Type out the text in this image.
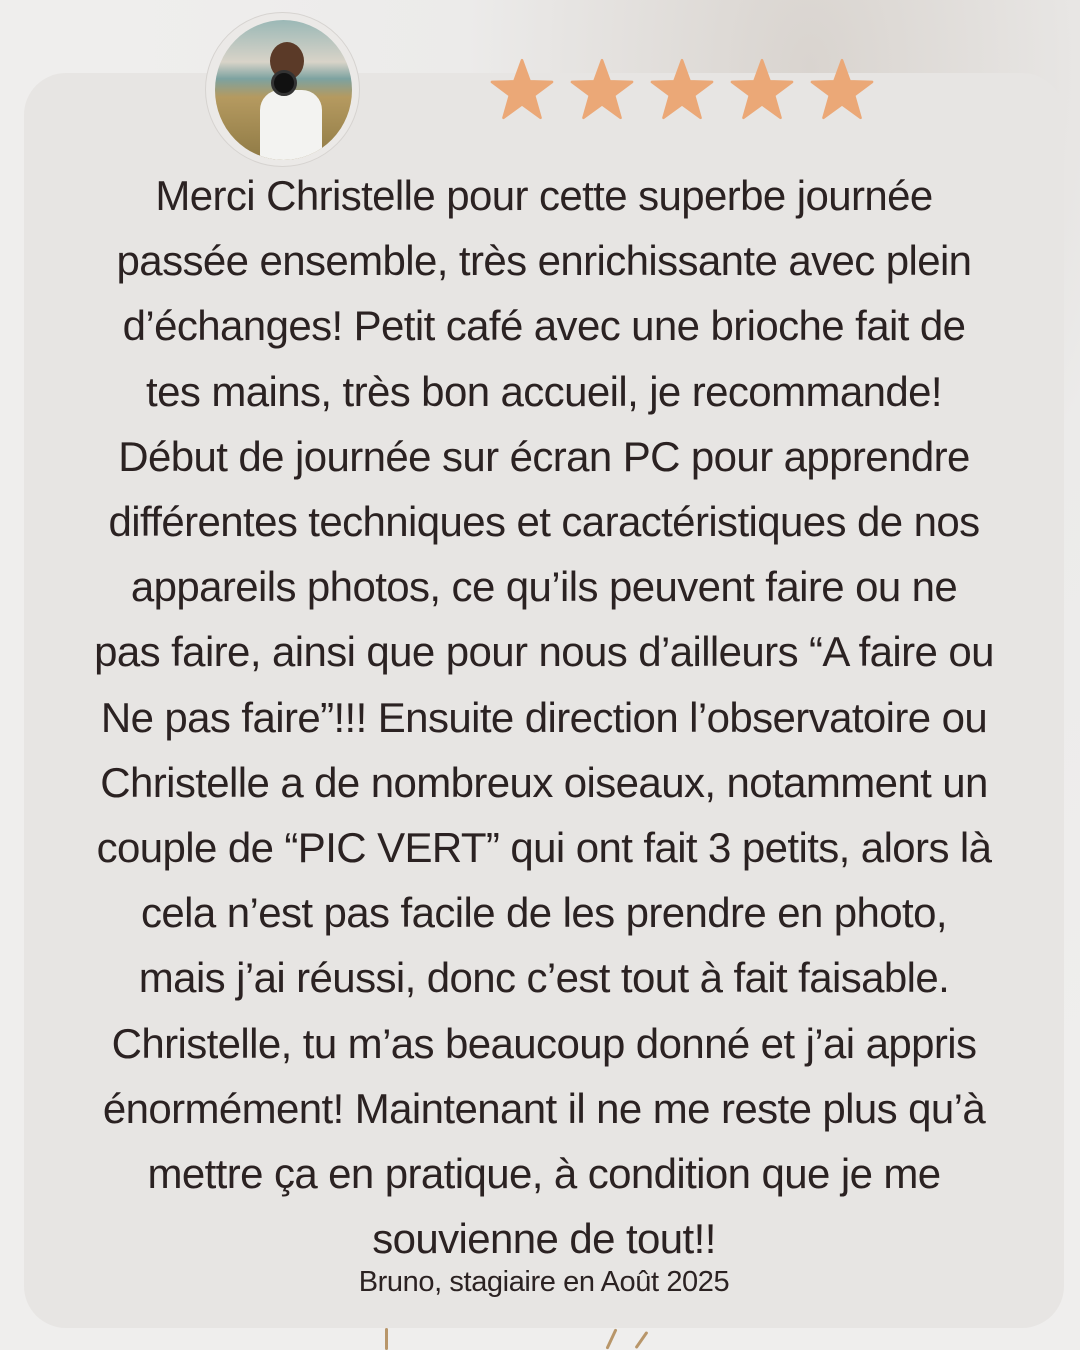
Merci Christelle pour cette superbe journée
passée ensemble, très enrichissante avec plein
d’échanges! Petit café avec une brioche fait de
tes mains, très bon accueil, je recommande!
Début de journée sur écran PC pour apprendre
différentes techniques et caractéristiques de nos
appareils photos, ce qu’ils peuvent faire ou ne
pas faire, ainsi que pour nous d’ailleurs “A faire ou
Ne pas faire”!!! Ensuite direction l’observatoire ou
Christelle a de nombreux oiseaux, notamment un
couple de “PIC VERT” qui ont fait 3 petits, alors là
cela n’est pas facile de les prendre en photo,
mais j’ai réussi, donc c’est tout à fait faisable.
Christelle, tu m’as beaucoup donné et j’ai appris
énormément! Maintenant il ne me reste plus qu’à
mettre ça en pratique, à condition que je me
souvienne de tout!!
Bruno, stagiaire en Août 2025
